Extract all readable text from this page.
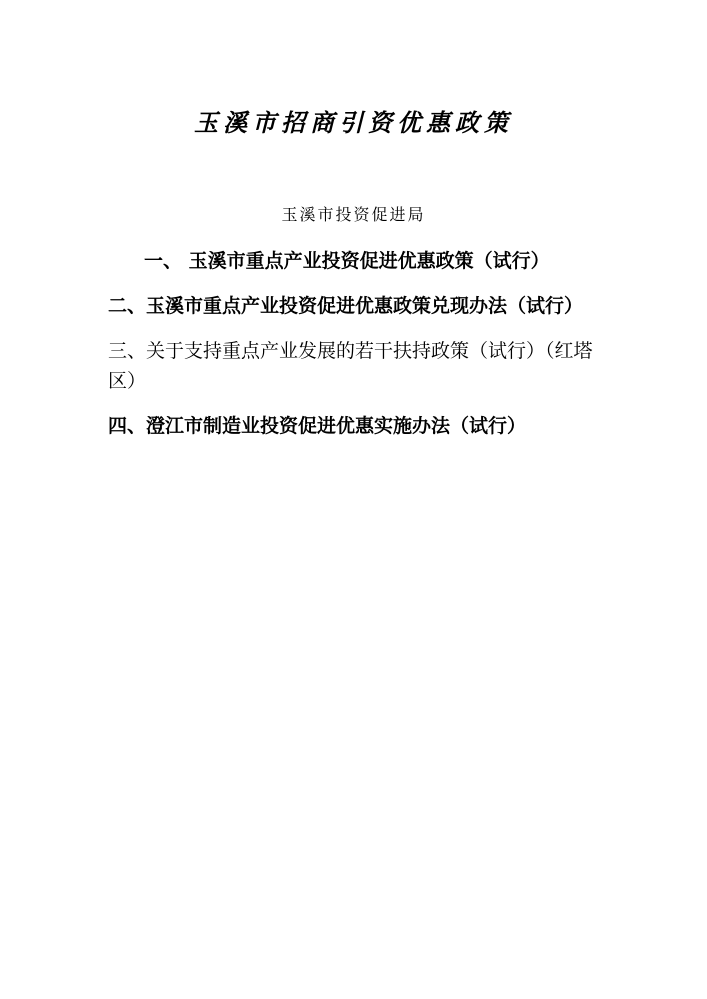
玉溪市招商引资优惠政策
玉溪市投资促进局
一、 玉溪市重点产业投资促进优惠政策（试行）
二、玉溪市重点产业投资促进优惠政策兑现办法（试行）
三、关于支持重点产业发展的若干扶持政策（试行）（红塔区）
四、澄江市制造业投资促进优惠实施办法（试行）
